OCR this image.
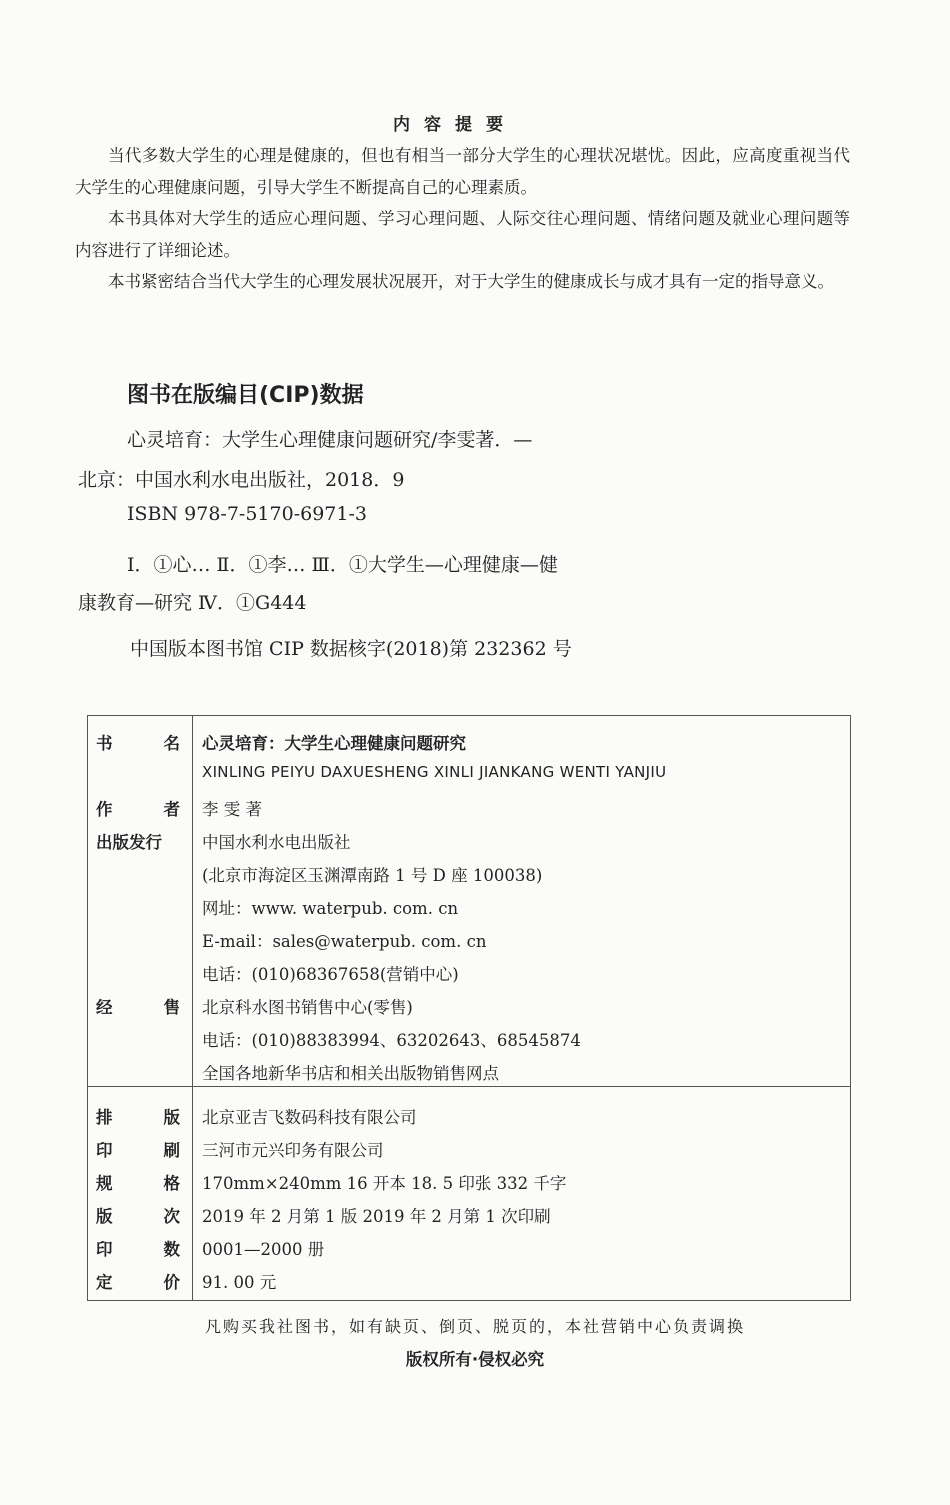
内容提要

当代多数大学生的心理是健康的，但也有相当一部分大学生的心理状况堪忧。因此，应高度重视当代大学生的心理健康问题，引导大学生不断提高自己的心理素质。

本书具体对大学生的适应心理问题、学习心理问题、人际交往心理问题、情绪问题及就业心理问题等内容进行了详细论述。

本书紧密结合当代大学生的心理发展状况展开，对于大学生的健康成长与成才具有一定的指导意义。

图书在版编目(CIP)数据
心灵培育：大学生心理健康问题研究/李雯著．—
北京：中国水利水电出版社，2018．9
ISBN 978-7-5170-6971-3
Ⅰ．①心… Ⅱ．①李… Ⅲ．①大学生—心理健康—健
康教育—研究 Ⅳ．①G444
中国版本图书馆 CIP 数据核字(2018)第 232362 号
书	名 心灵培育：大学生心理健康问题研究
XINLING PEIYU DAXUESHENG XINLI JIANKANG WENTI YANJIU
作	者 李 雯 著
出版发行 中国水利水电出版社
(北京市海淀区玉渊潭南路 1 号 D 座 100038)
网址：www. waterpub. com. cn
E-mail：sales@waterpub. com. cn
电话：(010)68367658(营销中心)
经	售 北京科水图书销售中心(零售)
电话：(010)88383994、63202643、68545874
全国各地新华书店和相关出版物销售网点
排	版 北京亚吉飞数码科技有限公司
印	刷 三河市元兴印务有限公司
规	格 170mm×240mm 16 开本 18. 5 印张 332 千字
版	次 2019 年 2 月第 1 版 2019 年 2 月第 1 次印刷
印	数 0001—2000 册
定	价 91. 00 元
凡购买我社图书，如有缺页、倒页、脱页的，本社营销中心负责调换
版权所有·侵权必究
